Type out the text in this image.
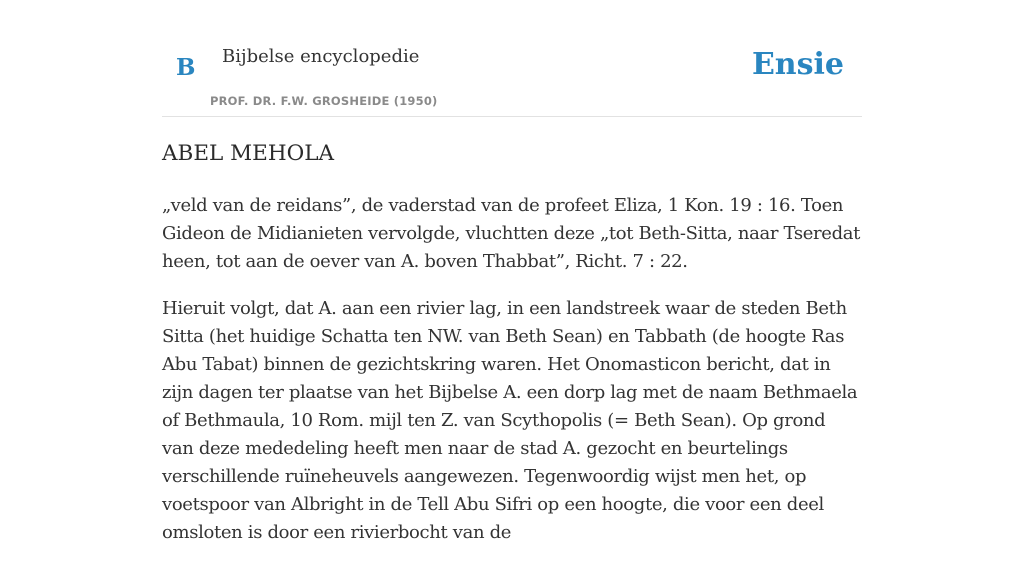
B Bijbelse encyclopedie
PROF. DR. F.W. GROSHEIDE (1950)
Ensie
ABEL MEHOLA

„veld van de reidans”, de vaderstad van de profeet Eliza, 1 Kon. 19 : 16. Toen Gideon de Midianieten vervolgde, vluchtten deze „tot Beth-Sitta, naar Tseredat heen, tot aan de oever van A. boven Thabbat”, Richt. 7 : 22.

Hieruit volgt, dat A. aan een rivier lag, in een landstreek waar de steden Beth Sitta (het huidige Schatta ten NW. van Beth Sean) en Tabbath (de hoogte Ras Abu Tabat) binnen de gezichtskring waren. Het Onomasticon bericht, dat in zijn dagen ter plaatse van het Bijbelse A. een dorp lag met de naam Bethmaela of Bethmaula, 10 Rom. mijl ten Z. van Scythopolis (= Beth Sean). Op grond van deze mededeling heeft men naar de stad A. gezocht en beurtelings verschillende ruïneheuvels aangewezen. Tegenwoordig wijst men het, op voetspoor van Albright in de Tell Abu Sifri op een hoogte, die voor een deel omsloten is door een rivierbocht van de
